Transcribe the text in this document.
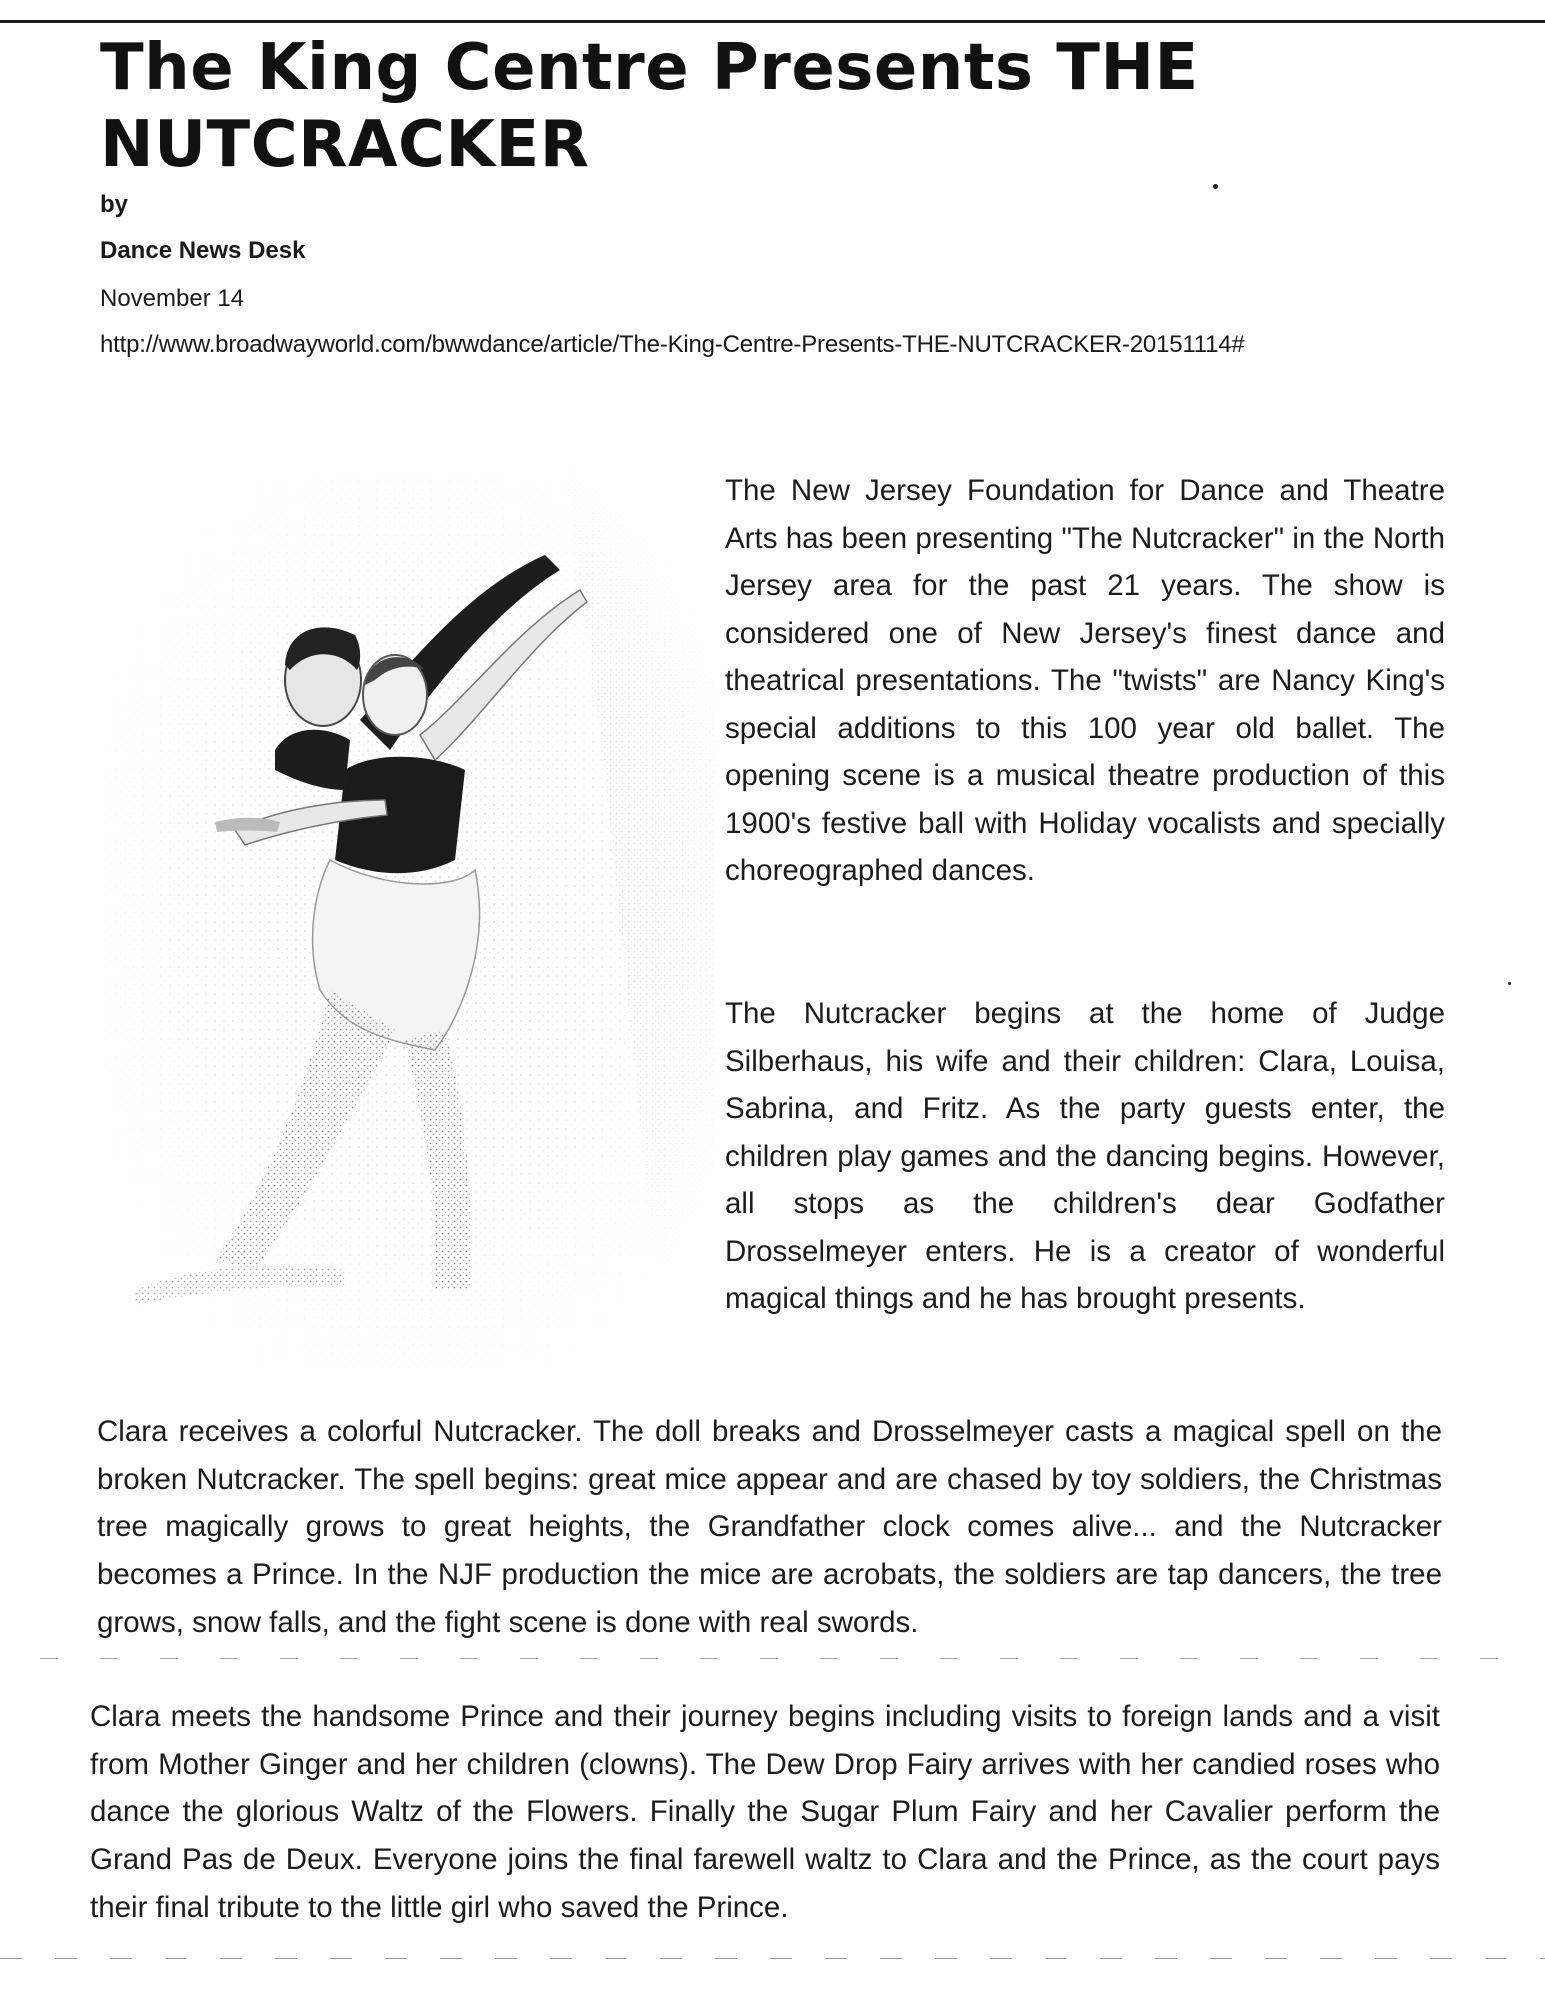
The King Centre Presents THE NUTCRACKER
by
Dance News Desk
November 14
http://www.broadwayworld.com/bwwdance/article/The-King-Centre-Presents-THE-NUTCRACKER-20151114#

The New Jersey Foundation for Dance and Theatre Arts has been presenting "The Nutcracker" in the North Jersey area for the past 21 years. The show is considered one of New Jersey's finest dance and theatrical presentations. The "twists" are Nancy King's special additions to this 100 year old ballet. The opening scene is a musical theatre production of this 1900's festive ball with Holiday vocalists and specially choreographed dances.

The Nutcracker begins at the home of Judge Silberhaus, his wife and their children: Clara, Louisa, Sabrina, and Fritz. As the party guests enter, the children play games and the dancing begins. However, all stops as the children's dear Godfather Drosselmeyer enters. He is a creator of wonderful magical things and he has brought presents.

Clara receives a colorful Nutcracker. The doll breaks and Drosselmeyer casts a magical spell on the broken Nutcracker. The spell begins: great mice appear and are chased by toy soldiers, the Christmas tree magically grows to great heights, the Grandfather clock comes alive... and the Nutcracker becomes a Prince. In the NJF production the mice are acrobats, the soldiers are tap dancers, the tree grows, snow falls, and the fight scene is done with real swords.

Clara meets the handsome Prince and their journey begins including visits to foreign lands and a visit from Mother Ginger and her children (clowns). The Dew Drop Fairy arrives with her candied roses who dance the glorious Waltz of the Flowers. Finally the Sugar Plum Fairy and her Cavalier perform the Grand Pas de Deux. Everyone joins the final farewell waltz to Clara and the Prince, as the court pays their final tribute to the little girl who saved the Prince.
